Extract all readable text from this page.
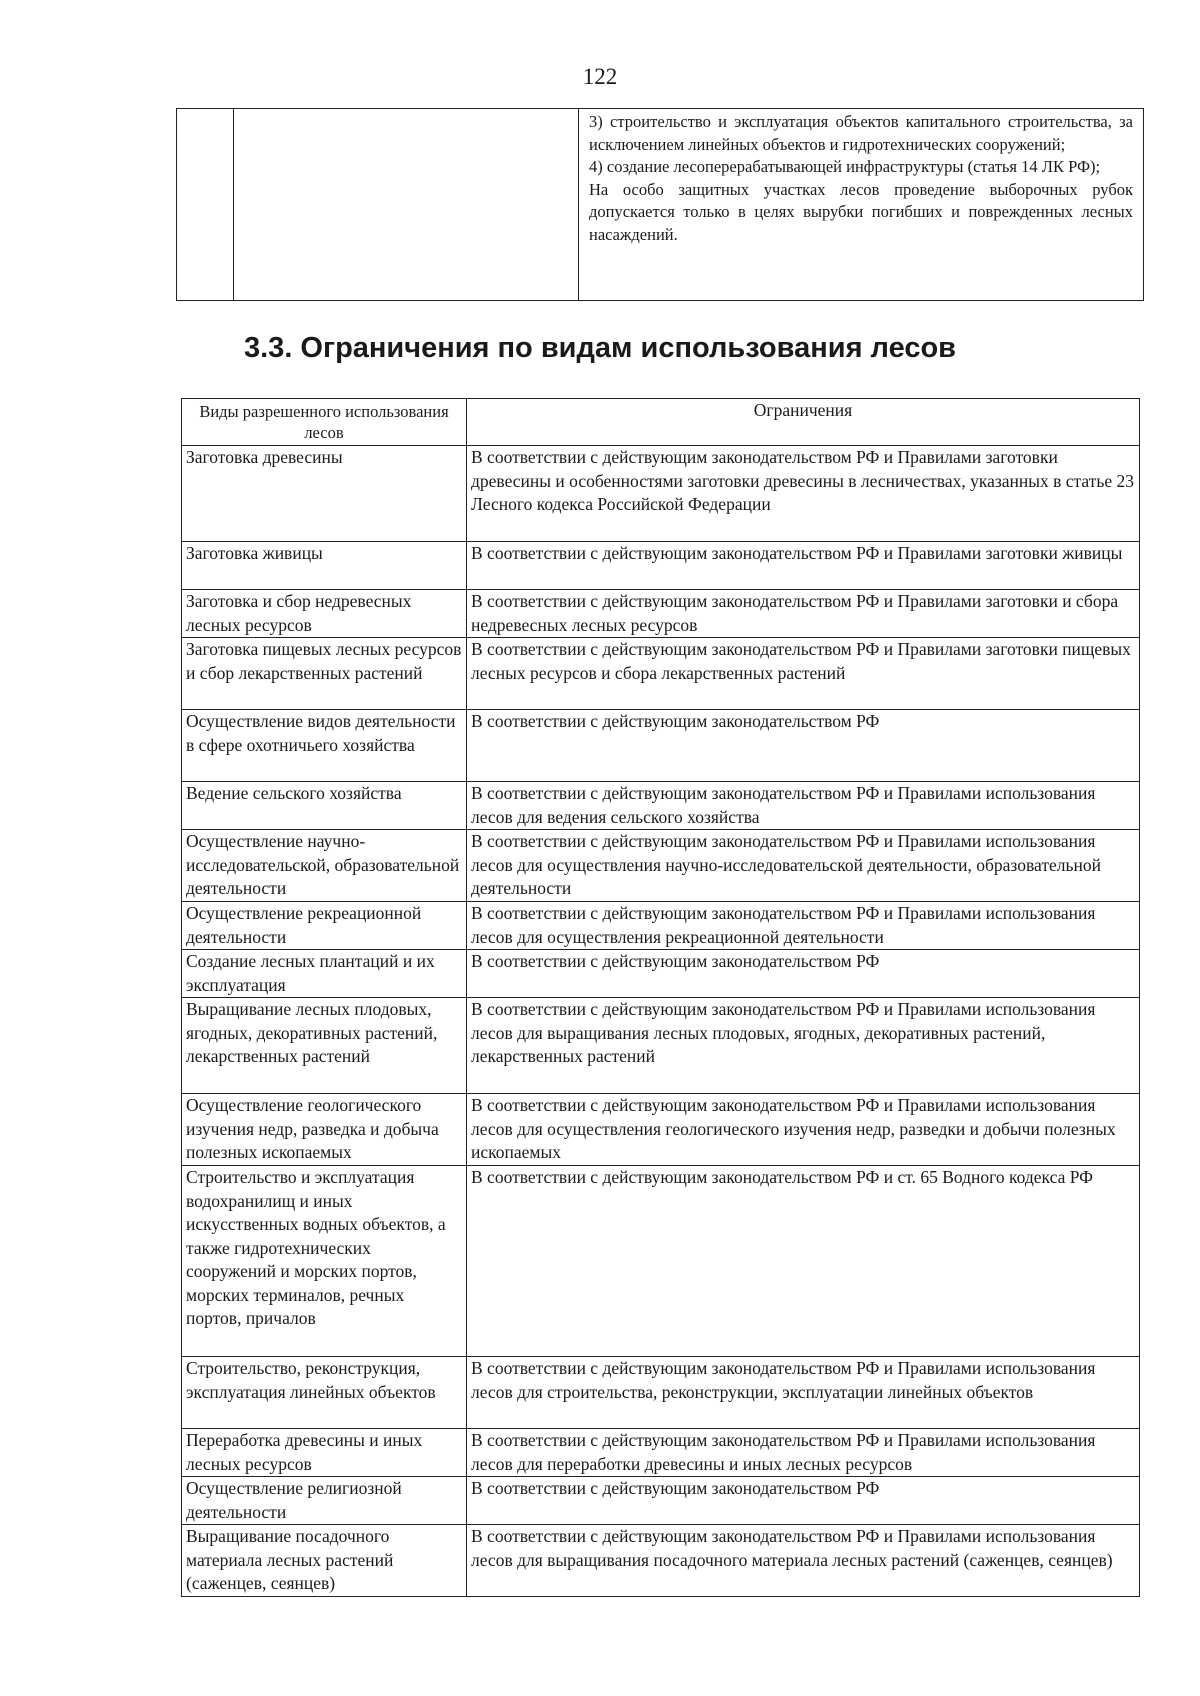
122

3) строительство и эксплуатация объектов капитального строительства, за исключением линейных объектов и гидротехнических сооружений;
4) создание лесоперерабатывающей инфраструктуры (статья 14 ЛК РФ);
На особо защитных участках лесов проведение выборочных рубок допускается только в целях вырубки погибших и поврежденных лесных насаждений.
3.3. Ограничения по видам использования лесов
Виды разрешенного использования лесов	Ограничения
Заготовка древесины	В соответствии с действующим законодательством РФ и Правилами заготовки древесины и особенностями заготовки древесины в лесничествах, указанных в статье 23 Лесного кодекса Российской Федерации
Заготовка живицы	В соответствии с действующим законодательством РФ и Правилами заготовки живицы
Заготовка и сбор недревесных лесных ресурсов	В соответствии с действующим законодательством РФ и Правилами заготовки и сбора недревесных лесных ресурсов
Заготовка пищевых лесных ресурсов и сбор лекарственных растений	В соответствии с действующим законодательством РФ и Правилами заготовки пищевых лесных ресурсов и сбора лекарственных растений
Осуществление видов деятельности в сфере охотничьего хозяйства	В соответствии с действующим законодательством РФ
Ведение сельского хозяйства	В соответствии с действующим законодательством РФ и Правилами использования лесов для ведения сельского хозяйства
Осуществление научно-исследовательской, образовательной деятельности	В соответствии с действующим законодательством РФ и Правилами использования лесов для осуществления научно-исследовательской деятельности, образовательной деятельности
Осуществление рекреационной деятельности	В соответствии с действующим законодательством РФ и Правилами использования лесов для осуществления рекреационной деятельности
Создание лесных плантаций и их эксплуатация	В соответствии с действующим законодательством РФ
Выращивание лесных плодовых, ягодных, декоративных растений, лекарственных растений	В соответствии с действующим законодательством РФ и Правилами использования лесов для выращивания лесных плодовых, ягодных, декоративных растений, лекарственных растений
Осуществление геологического изучения недр, разведка и добыча полезных ископаемых	В соответствии с действующим законодательством РФ и Правилами использования лесов для осуществления геологического изучения недр, разведки и добычи полезных ископаемых
Строительство и эксплуатация водохранилищ и иных искусственных водных объектов, а также гидротехнических сооружений и морских портов, морских терминалов, речных портов, причалов	В соответствии с действующим законодательством РФ и ст. 65 Водного кодекса РФ
Строительство, реконструкция, эксплуатация линейных объектов	В соответствии с действующим законодательством РФ и Правилами использования лесов для строительства, реконструкции, эксплуатации линейных объектов
Переработка древесины и иных лесных ресурсов	В соответствии с действующим законодательством РФ и Правилами использования лесов для переработки древесины и иных лесных ресурсов
Осуществление религиозной деятельности	В соответствии с действующим законодательством РФ
Выращивание посадочного материала лесных растений (саженцев, сеянцев)	В соответствии с действующим законодательством РФ и Правилами использования лесов для выращивания посадочного материала лесных растений (саженцев, сеянцев)
